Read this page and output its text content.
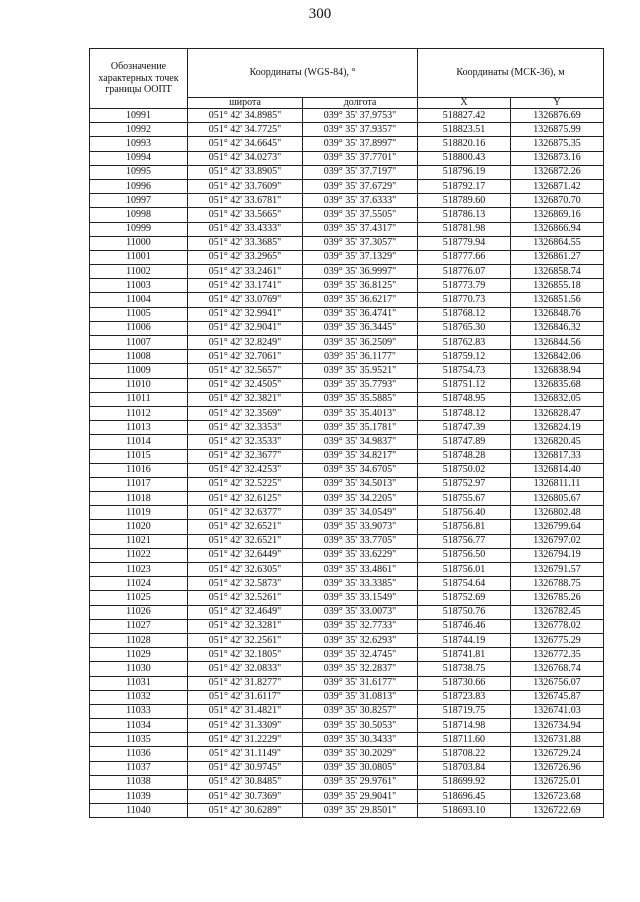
300
Обозначение характерных точек границы ООПТ	Координаты (WGS-84), °		Координаты (МСК-36), м	
	широта	долгота	X	Y
10991	051° 42' 34.8985"	039° 35' 37.9753"	518827.42	1326876.69
10992	051° 42' 34.7725"	039° 35' 37.9357"	518823.51	1326875.99
10993	051° 42' 34.6645"	039° 35' 37.8997"	518820.16	1326875.35
10994	051° 42' 34.0273"	039° 35' 37.7701"	518800.43	1326873.16
10995	051° 42' 33.8905"	039° 35' 37.7197"	518796.19	1326872.26
10996	051° 42' 33.7609"	039° 35' 37.6729"	518792.17	1326871.42
10997	051° 42' 33.6781"	039° 35' 37.6333"	518789.60	1326870.70
10998	051° 42' 33.5665"	039° 35' 37.5505"	518786.13	1326869.16
10999	051° 42' 33.4333"	039° 35' 37.4317"	518781.98	1326866.94
11000	051° 42' 33.3685"	039° 35' 37.3057"	518779.94	1326864.55
11001	051° 42' 33.2965"	039° 35' 37.1329"	518777.66	1326861.27
11002	051° 42' 33.2461"	039° 35' 36.9997"	518776.07	1326858.74
11003	051° 42' 33.1741"	039° 35' 36.8125"	518773.79	1326855.18
11004	051° 42' 33.0769"	039° 35' 36.6217"	518770.73	1326851.56
11005	051° 42' 32.9941"	039° 35' 36.4741"	518768.12	1326848.76
11006	051° 42' 32.9041"	039° 35' 36.3445"	518765.30	1326846.32
11007	051° 42' 32.8249"	039° 35' 36.2509"	518762.83	1326844.56
11008	051° 42' 32.7061"	039° 35' 36.1177"	518759.12	1326842.06
11009	051° 42' 32.5657"	039° 35' 35.9521"	518754.73	1326838.94
11010	051° 42' 32.4505"	039° 35' 35.7793"	518751.12	1326835.68
11011	051° 42' 32.3821"	039° 35' 35.5885"	518748.95	1326832.05
11012	051° 42' 32.3569"	039° 35' 35.4013"	518748.12	1326828.47
11013	051° 42' 32.3353"	039° 35' 35.1781"	518747.39	1326824.19
11014	051° 42' 32.3533"	039° 35' 34.9837"	518747.89	1326820.45
11015	051° 42' 32.3677"	039° 35' 34.8217"	518748.28	1326817.33
11016	051° 42' 32.4253"	039° 35' 34.6705"	518750.02	1326814.40
11017	051° 42' 32.5225"	039° 35' 34.5013"	518752.97	1326811.11
11018	051° 42' 32.6125"	039° 35' 34.2205"	518755.67	1326805.67
11019	051° 42' 32.6377"	039° 35' 34.0549"	518756.40	1326802.48
11020	051° 42' 32.6521"	039° 35' 33.9073"	518756.81	1326799.64
11021	051° 42' 32.6521"	039° 35' 33.7705"	518756.77	1326797.02
11022	051° 42' 32.6449"	039° 35' 33.6229"	518756.50	1326794.19
11023	051° 42' 32.6305"	039° 35' 33.4861"	518756.01	1326791.57
11024	051° 42' 32.5873"	039° 35' 33.3385"	518754.64	1326788.75
11025	051° 42' 32.5261"	039° 35' 33.1549"	518752.69	1326785.26
11026	051° 42' 32.4649"	039° 35' 33.0073"	518750.76	1326782.45
11027	051° 42' 32.3281"	039° 35' 32.7733"	518746.46	1326778.02
11028	051° 42' 32.2561"	039° 35' 32.6293"	518744.19	1326775.29
11029	051° 42' 32.1805"	039° 35' 32.4745"	518741.81	1326772.35
11030	051° 42' 32.0833"	039° 35' 32.2837"	518738.75	1326768.74
11031	051° 42' 31.8277"	039° 35' 31.6177"	518730.66	1326756.07
11032	051° 42' 31.6117"	039° 35' 31.0813"	518723.83	1326745.87
11033	051° 42' 31.4821"	039° 35' 30.8257"	518719.75	1326741.03
11034	051° 42' 31.3309"	039° 35' 30.5053"	518714.98	1326734.94
11035	051° 42' 31.2229"	039° 35' 30.3433"	518711.60	1326731.88
11036	051° 42' 31.1149"	039° 35' 30.2029"	518708.22	1326729.24
11037	051° 42' 30.9745"	039° 35' 30.0805"	518703.84	1326726.96
11038	051° 42' 30.8485"	039° 35' 29.9761"	518699.92	1326725.01
11039	051° 42' 30.7369"	039° 35' 29.9041"	518696.45	1326723.68
11040	051° 42' 30.6289"	039° 35' 29.8501"	518693.10	1326722.69
